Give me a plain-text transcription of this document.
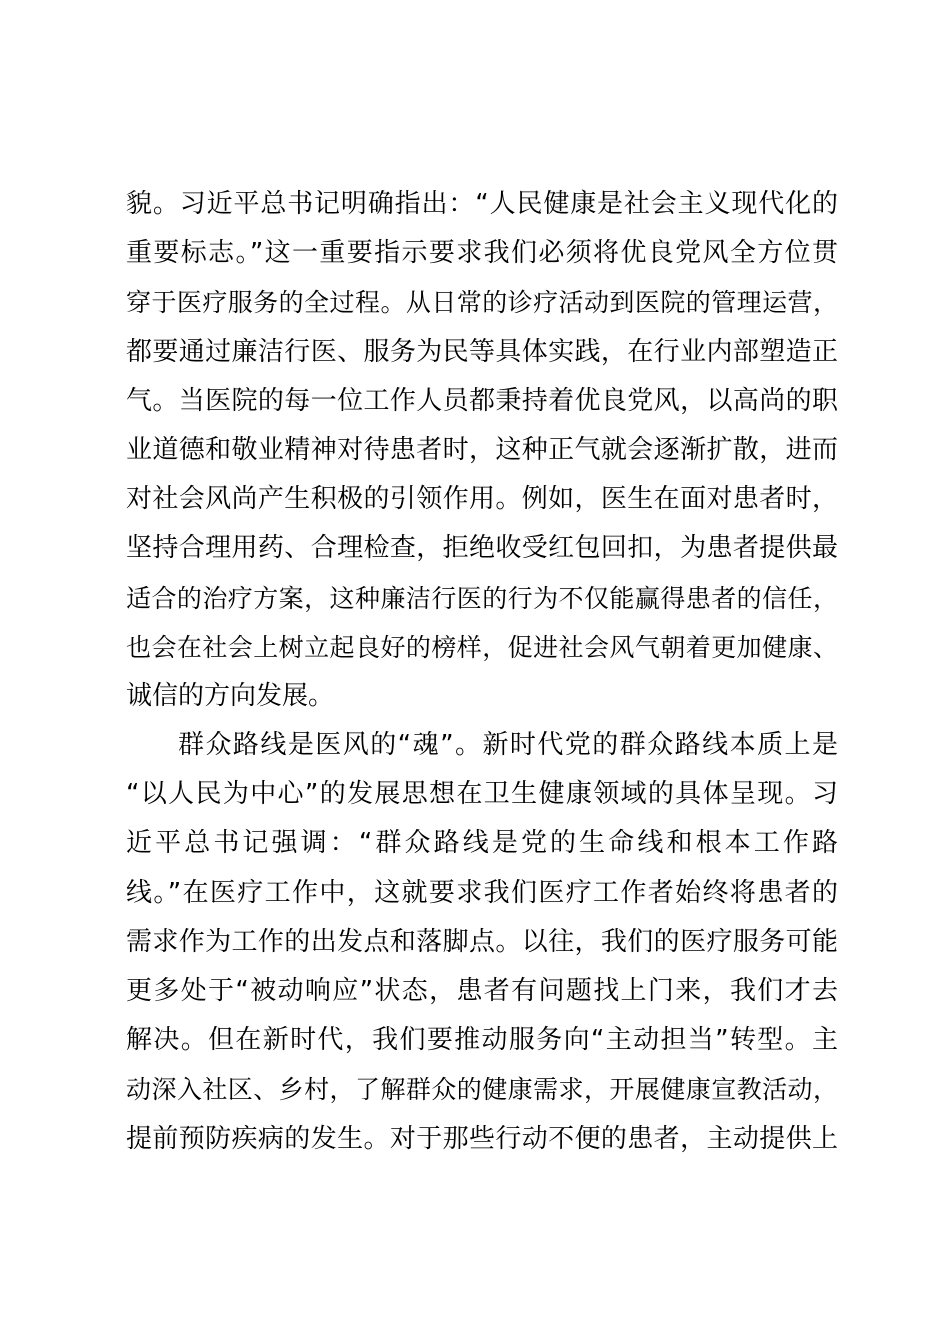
貌。习近平总书记明确指出：“人民健康是社会主义现代化的
重要标志。”这一重要指示要求我们必须将优良党风全方位贯
穿于医疗服务的全过程。从日常的诊疗活动到医院的管理运营，
都要通过廉洁行医、服务为民等具体实践，在行业内部塑造正
气。当医院的每一位工作人员都秉持着优良党风，以高尚的职
业道德和敬业精神对待患者时，这种正气就会逐渐扩散，进而
对社会风尚产生积极的引领作用。例如，医生在面对患者时，
坚持合理用药、合理检查，拒绝收受红包回扣，为患者提供最
适合的治疗方案，这种廉洁行医的行为不仅能赢得患者的信任，
也会在社会上树立起良好的榜样，促进社会风气朝着更加健康、
诚信的方向发展。
群众路线是医风的“魂”。新时代党的群众路线本质上是
“以人民为中心”的发展思想在卫生健康领域的具体呈现。习
近平总书记强调：“群众路线是党的生命线和根本工作路
线。”在医疗工作中，这就要求我们医疗工作者始终将患者的
需求作为工作的出发点和落脚点。以往，我们的医疗服务可能
更多处于“被动响应”状态，患者有问题找上门来，我们才去
解决。但在新时代，我们要推动服务向“主动担当”转型。主
动深入社区、乡村，了解群众的健康需求，开展健康宣教活动，
提前预防疾病的发生。对于那些行动不便的患者，主动提供上
